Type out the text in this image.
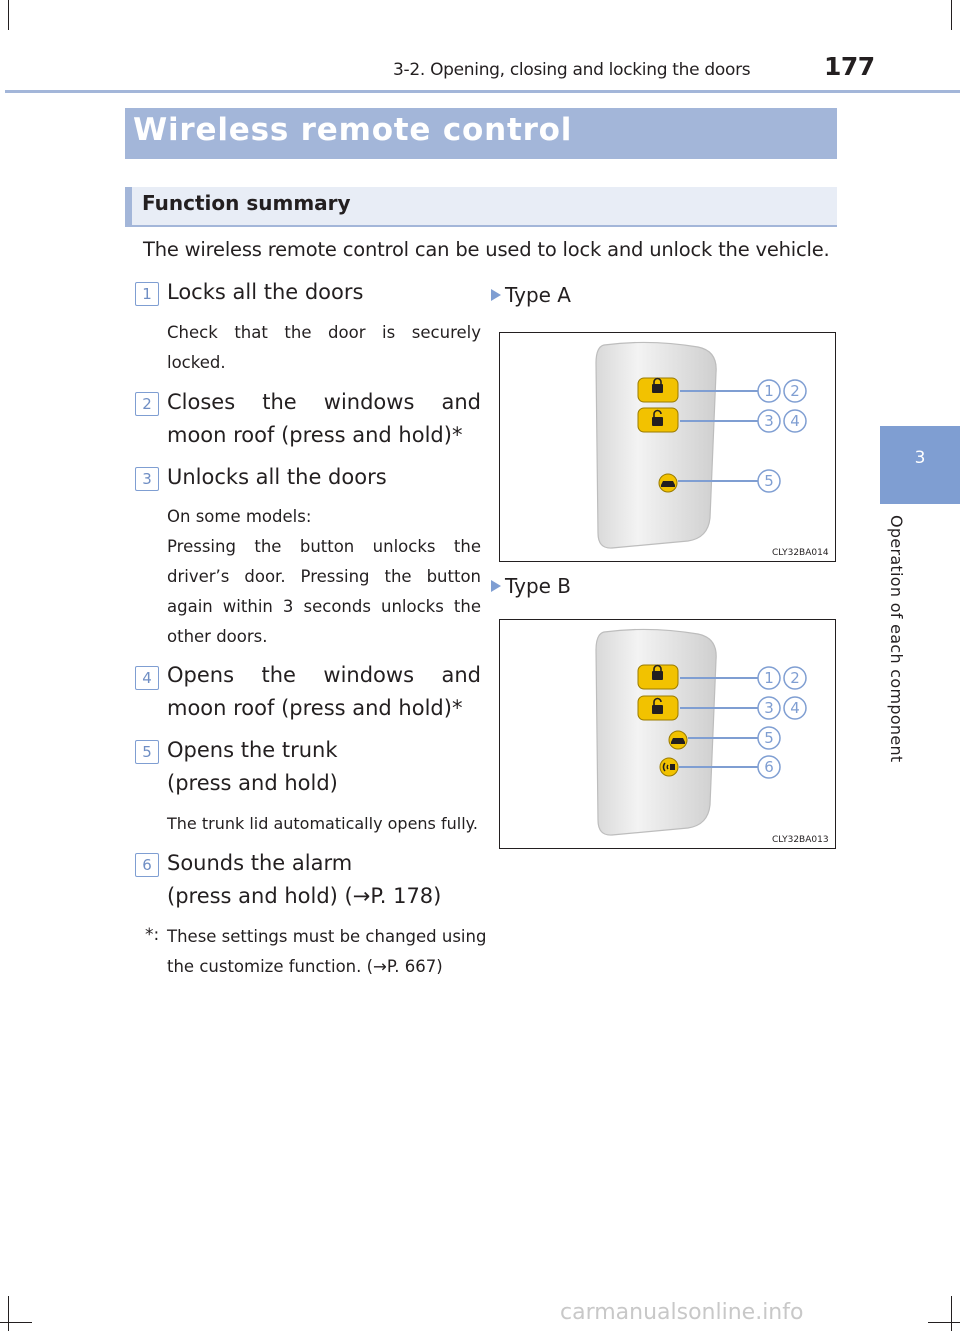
3-2. Opening, closing and locking the doors	177
3
Operation of each component
Wireless remote control
Function summary
The wireless remote control can be used to lock and unlock the vehicle.
1 Locks all the doors
Check that the door is securely locked.
2 Closes the windows and moon roof (press and hold)*
3 Unlocks all the doors
On some models:
Pressing the button unlocks the driver’s door. Pressing the button again within 3 seconds unlocks the other doors.
4 Opens the windows and moon roof (press and hold)*
5 Opens the trunk
(press and hold)
The trunk lid automatically opens fully.
6 Sounds the alarm
(press and hold) (→P. 178)
*: These settings must be changed using
the customize function. (→P. 667)
Type A
1 2
3 4
5
CLY32BA014
Type B
1 2
3 4
5
6
CLY32BA013
carmanualsonline.info
